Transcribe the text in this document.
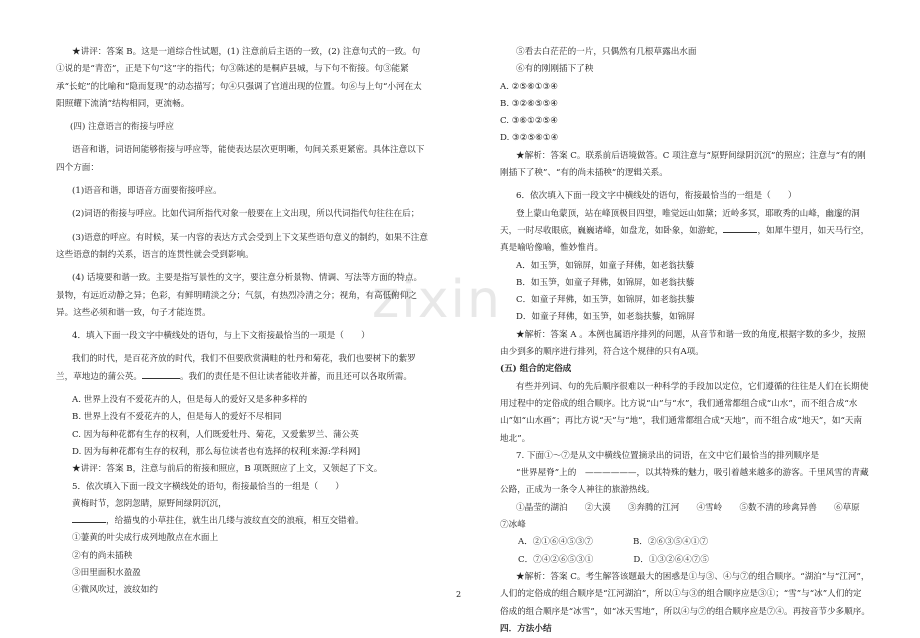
zixin

★讲评：答案 B。这是一道综合性试题，(1) 注意前后主语的一致，(2) 注意句式的一致。句①说的是“青峦”，正是下句“这”字的指代；句③陈述的是桐庐县城，与下句不衔接。句③能紧承“长蛇”的比喻和“隐而复现”的动态描写；句④只强调了官道出现的位置。句⑥与上句“小河在太阳照耀下流淌”结构相同，更流畅。

(四) 注意语言的衔接与呼应

语音和谐，词语间能够衔接与呼应等，能使表达层次更明晰，句间关系更紧密。具体注意以下四个方面：

(1)语音和谐，即语音方面要衔接呼应。

(2)词语的衔接与呼应。比如代词所指代对象一般要在上文出现，所以代词指代句往往在后；

(3)语意的呼应。有时候，某一内容的表达方式会受到上下文某些语句意义的制约，如果不注意这些语意的制约关系，语言的连贯性就会受到影响。

(4) 话境要和谐一致。主要是指写景性的文字，要注意分析景物、情调、写法等方面的特点。景物，有远近动静之异；色彩，有鲜明晴淡之分；气氛，有热烈冷清之分；视角，有高低俯仰之异。这些必须和谐一致，句子才能连贯。

4．填入下面一段文字中横线处的语句，与上下文衔接最恰当的一项是（　　）

我们的时代，是百花齐放的时代，我们不但要欣赏满畦的牡丹和菊花，我们也要树下的紫罗兰，草地边的蒲公英。	。我们的责任是不但让读者能收并蓄，而且还可以各取所需。

A. 世界上没有不爱花卉的人，但是每人的爱好又是多种多样的

B. 世界上没有不爱花卉的人，但是每人的爱好不尽相同

C. 因为每种花都有生存的权利，人们既爱牡丹、菊花，又爱紫罗兰、蒲公英

D. 因为每种花都有生存的权利，那么每位读者也有选择的权利[来源:学科网]

★讲评：答案 B，注意与前后的衔接和照应，B 项既照应了上文，又领起了下文。

5．依次填入下面一段文字横线处的语句，衔接最恰当的一组是（　　）

黄梅时节，忽阴忽睛，原野间绿阴沉沉，

，给描曳的小草拄住，就生出几缕与波纹直交的浪痕，相互交错着。

①萋黄的叶尖成行成列地散点在水面上

②有的尚未插秧

③田里面积水盈盈

④微风吹过，波纹如约

⑤看去白茫茫的一片，只偶然有几根草露出水面

⑥有的刚刚插下了秧

A. ②⑤⑥①③④

B. ③②⑥⑤⑤④

C. ③⑥①②⑤④

D. ③②⑤⑥①④

★解析：答案 C。联系前后语境做答。C 项注意与“原野间绿阴沉沉”的照应；注意与“有的刚刚插下了秧”、“有的尚未插秧”的逻辑关系。

6．依次填入下面一段文字中横线处的语句，衔接最恰当的一组是（　　）

登上蒙山龟蒙顶，站在峰顶极目四望，唯觉远山如黛；近岭多冥，耶畋秀的山峰，幽邃的洞天，一时尽收眼底，巍巍诸峰，如盘龙，如卧象，如游蛇，	，如犀牛望月，如天马行空，真是喻哈像喻，惟妙惟肖。

A．如玉笋，如锦屏，如童子拜佛，如老翁扶藜

B．如玉笋，如童子拜佛，如锦屏，如老翁扶藜

C．如童子拜佛，如玉笋，如锦屏，如老翁扶藜

D．如童子拜佛，如玉笋，如老翁扶藜，如锦屏

★解析：答案 A 。本例也属语序排列的问题，从音节和谐一致的角度,根据字数的多少，按照由少到多的顺序进行排列，符合这个规律的只有A项。

(五) 组合的定俗成

有些并列词、句的先后顺序很难以一种科学的手段加以定位，它们遵循的往往是人们在长期使用过程中的定俗成的组合顺序。比方说“山”与“水”，我们通常都组合成“山水”，而不组合成“水山”如“山水画”；再比方说“天”与“地”，我们通常都组合成“天地”，而不组合成“地天”，如“天南地北”。

7. 下面①～⑦是从文中横线位置摘录出的词语，在文中它们最恰当的排列顺序是

“世界屋脊”上的　——————，以其特殊的魅力，吸引着越来越多的游客。千里风雪的青藏公路，正成为一条令人神往的旅游热线。

①晶莹的湖泊　　②大漠　　③奔腾的江河　　④雪岭　　⑤数不清的珍禽异兽　　⑥草原　　⑦冰峰

A．②①⑥④⑤③⑦	B．②⑥③⑤④①⑦
C．⑦④②⑥⑤③①	D．①③②⑥④⑦⑤

★解析：答案 C。考生解答该题最大的困惑是①与③、④与⑦的组合顺序。“湖泊”与“江河”，人们的定俗成的组合顺序是“江河湖泊”，所以①与③的组合顺序应是③①；“雪”与“冰”人们的定俗成的组合顺序是“冰雪”，如“冰天雪地”，所以④与⑦的组合顺序应是⑦④。再按音节少多顺序。

四．方法小结

2
